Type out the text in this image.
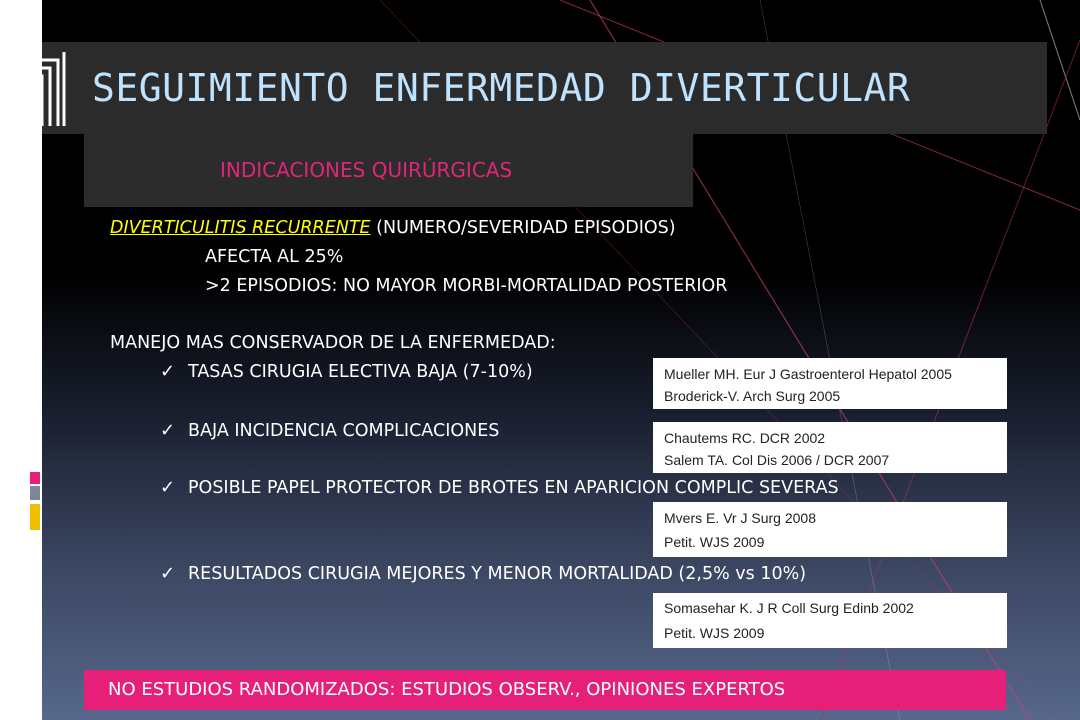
SEGUIMIENTO ENFERMEDAD DIVERTICULAR
INDICACIONES QUIRÚRGICAS
DIVERTICULITIS RECURRENTE (NUMERO/SEVERIDAD EPISODIOS)
AFECTA AL 25%
>2 EPISODIOS: NO MAYOR MORBI-MORTALIDAD POSTERIOR
MANEJO MAS CONSERVADOR DE LA ENFERMEDAD:
✓ TASAS CIRUGIA ELECTIVA BAJA (7-10%)
✓ BAJA INCIDENCIA COMPLICACIONES
✓ POSIBLE PAPEL PROTECTOR DE BROTES EN APARICION COMPLIC SEVERAS
✓ RESULTADOS CIRUGIA MEJORES Y MENOR MORTALIDAD (2,5% vs 10%)
Mueller MH. Eur J Gastroenterol Hepatol 2005
Broderick-V. Arch Surg 2005
Chautems RC. DCR 2002
Salem TA. Col Dis 2006 / DCR 2007
Mvers E. Vr J Surg 2008
Petit. WJS 2009
Somasehar K. J R Coll Surg Edinb 2002
Petit. WJS 2009
NO ESTUDIOS RANDOMIZADOS: ESTUDIOS OBSERV., OPINIONES EXPERTOS
